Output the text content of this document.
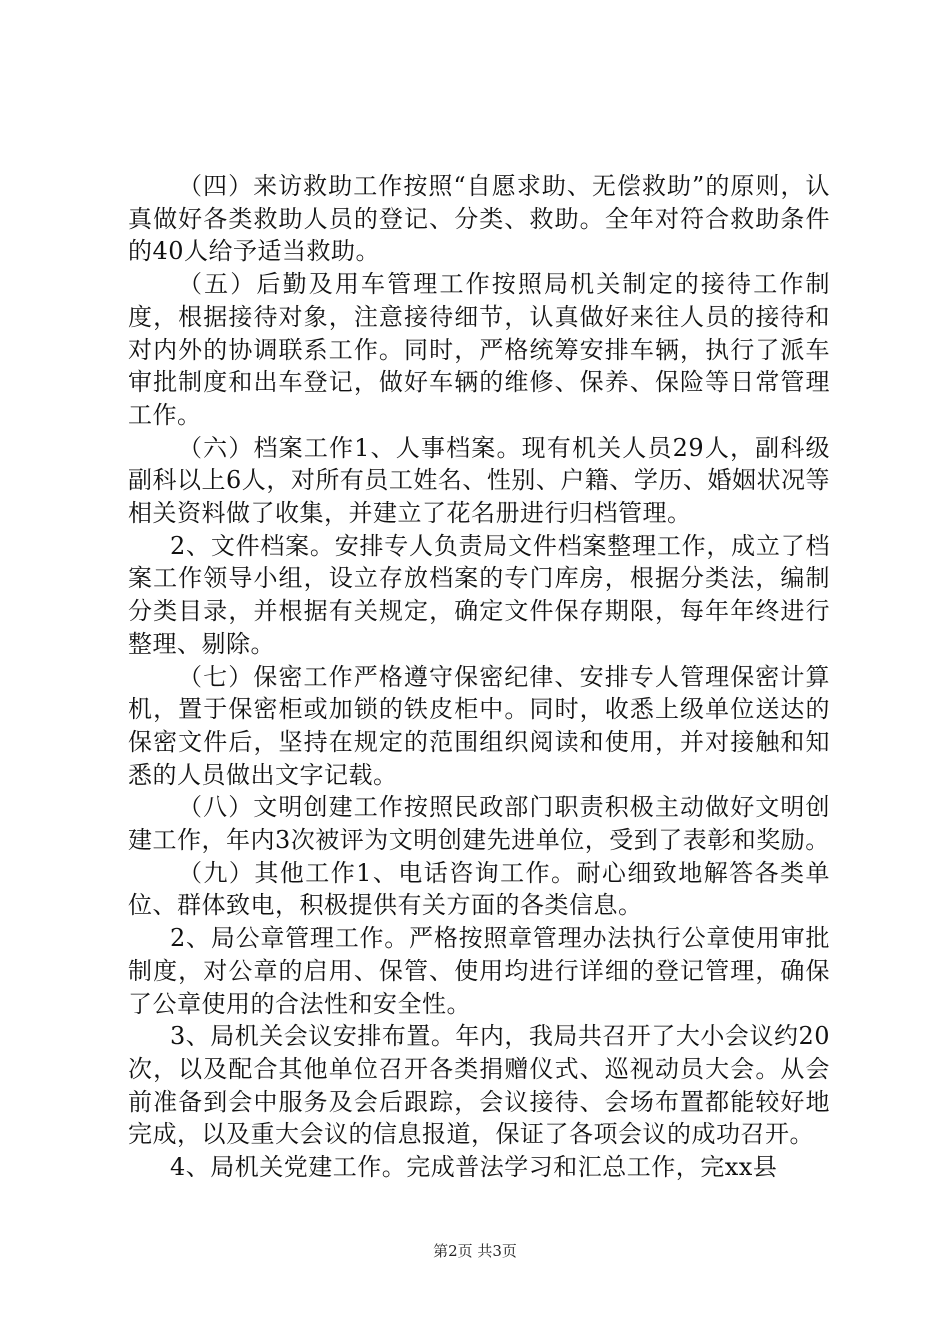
（四）来访救助工作按照“自愿求助、无偿救助”的原则，认真做好各类救助人员的登记、分类、救助。全年对符合救助条件的40人给予适当救助。

（五）后勤及用车管理工作按照局机关制定的接待工作制度，根据接待对象，注意接待细节，认真做好来往人员的接待和对内外的协调联系工作。同时，严格统筹安排车辆，执行了派车审批制度和出车登记，做好车辆的维修、保养、保险等日常管理工作。

（六）档案工作1、人事档案。现有机关人员29人，副科级副科以上6人，对所有员工姓名、性别、户籍、学历、婚姻状况等相关资料做了收集，并建立了花名册进行归档管理。

2、文件档案。安排专人负责局文件档案整理工作，成立了档案工作领导小组，设立存放档案的专门库房，根据分类法，编制分类目录，并根据有关规定，确定文件保存期限，每年年终进行整理、剔除。

（七）保密工作严格遵守保密纪律、安排专人管理保密计算机，置于保密柜或加锁的铁皮柜中。同时，收悉上级单位送达的保密文件后，坚持在规定的范围组织阅读和使用，并对接触和知悉的人员做出文字记载。

（八）文明创建工作按照民政部门职责积极主动做好文明创建工作，年内3次被评为文明创建先进单位，受到了表彰和奖励。

（九）其他工作1、电话咨询工作。耐心细致地解答各类单位、群体致电，积极提供有关方面的各类信息。

2、局公章管理工作。严格按照章管理办法执行公章使用审批制度，对公章的启用、保管、使用均进行详细的登记管理，确保了公章使用的合法性和安全性。

3、局机关会议安排布置。年内，我局共召开了大小会议约20次，以及配合其他单位召开各类捐赠仪式、巡视动员大会。从会前准备到会中服务及会后跟踪，会议接待、会场布置都能较好地完成，以及重大会议的信息报道，保证了各项会议的成功召开。

4、局机关党建工作。完成普法学习和汇总工作，完xx县

第2页 共3页
